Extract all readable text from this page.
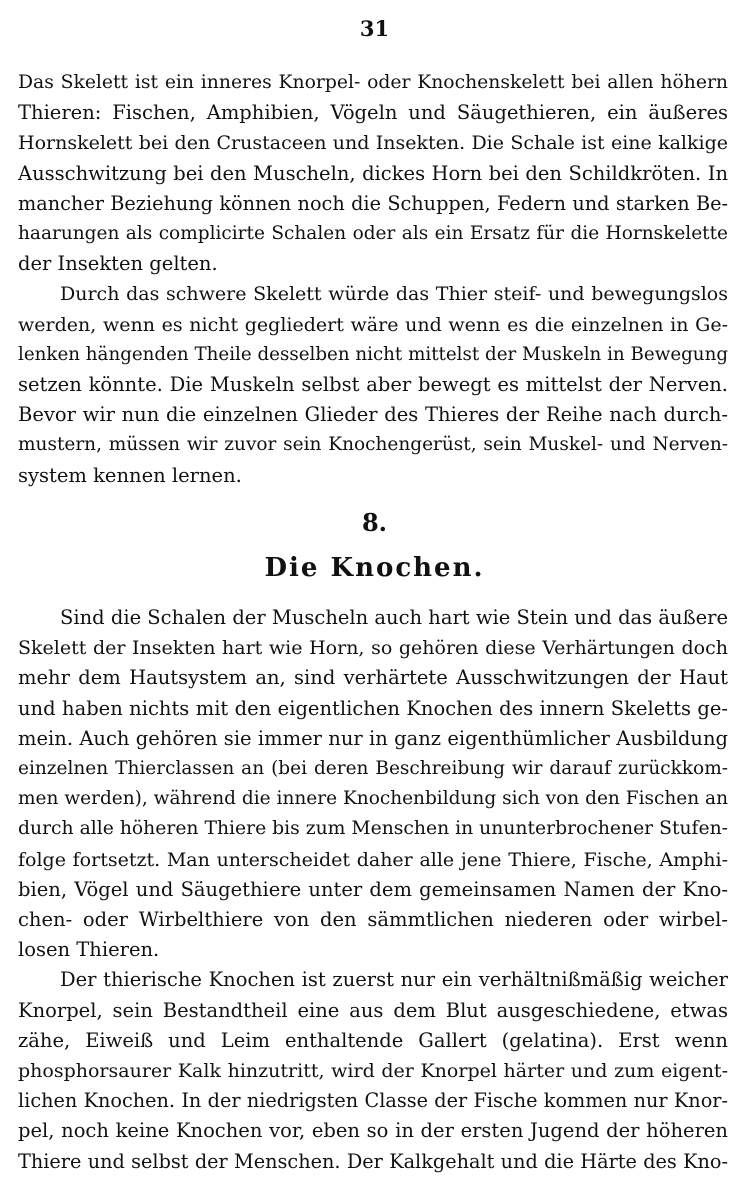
31
Das Skelett ist ein inneres Knorpel- oder Knochenskelett bei allen höhern
Thieren: Fischen, Amphibien, Vögeln und Säugethieren, ein äußeres
Hornskelett bei den Crustaceen und Insekten. Die Schale ist eine kalkige
Ausschwitzung bei den Muscheln, dickes Horn bei den Schildkröten. In
mancher Beziehung können noch die Schuppen, Federn und starken Be-
haarungen als complicirte Schalen oder als ein Ersatz für die Hornskelette
der Insekten gelten.
Durch das schwere Skelett würde das Thier steif- und bewegungslos
werden, wenn es nicht gegliedert wäre und wenn es die einzelnen in Ge-
lenken hängenden Theile desselben nicht mittelst der Muskeln in Bewegung
setzen könnte. Die Muskeln selbst aber bewegt es mittelst der Nerven.
Bevor wir nun die einzelnen Glieder des Thieres der Reihe nach durch-
mustern, müssen wir zuvor sein Knochengerüst, sein Muskel- und Nerven-
system kennen lernen.
8.
Die Knochen.
Sind die Schalen der Muscheln auch hart wie Stein und das äußere
Skelett der Insekten hart wie Horn, so gehören diese Verhärtungen doch
mehr dem Hautsystem an, sind verhärtete Ausschwitzungen der Haut
und haben nichts mit den eigentlichen Knochen des innern Skeletts ge-
mein. Auch gehören sie immer nur in ganz eigenthümlicher Ausbildung
einzelnen Thierclassen an (bei deren Beschreibung wir darauf zurückkom-
men werden), während die innere Knochenbildung sich von den Fischen an
durch alle höheren Thiere bis zum Menschen in ununterbrochener Stufen-
folge fortsetzt. Man unterscheidet daher alle jene Thiere, Fische, Amphi-
bien, Vögel und Säugethiere unter dem gemeinsamen Namen der Kno-
chen- oder Wirbelthiere von den sämmtlichen niederen oder wirbel-
losen Thieren.
Der thierische Knochen ist zuerst nur ein verhältnißmäßig weicher
Knorpel, sein Bestandtheil eine aus dem Blut ausgeschiedene, etwas
zähe, Eiweiß und Leim enthaltende Gallert (gelatina). Erst wenn
phosphorsaurer Kalk hinzutritt, wird der Knorpel härter und zum eigent-
lichen Knochen. In der niedrigsten Classe der Fische kommen nur Knor-
pel, noch keine Knochen vor, eben so in der ersten Jugend der höheren
Thiere und selbst der Menschen. Der Kalkgehalt und die Härte des Kno-
